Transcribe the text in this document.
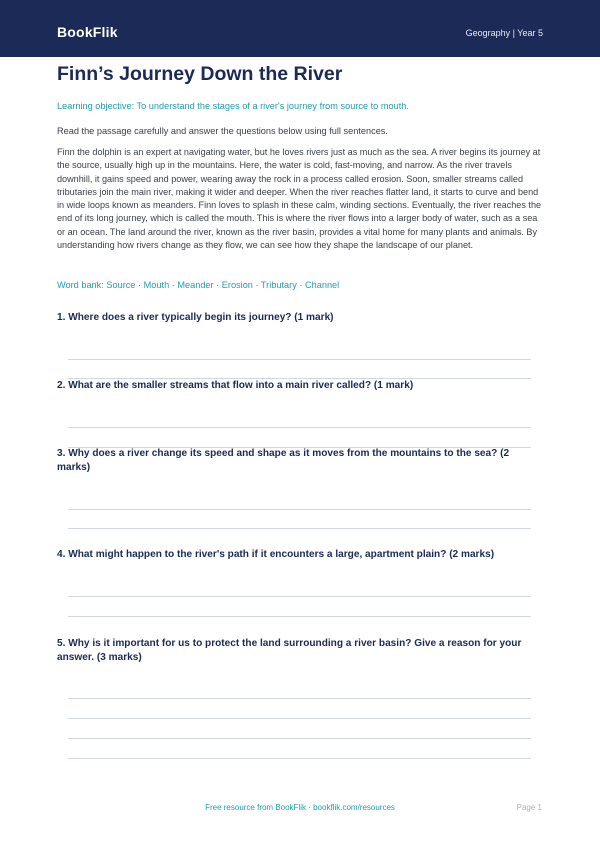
BookFlik	Geography | Year 5
Finn’s Journey Down the River
Learning objective: To understand the stages of a river's journey from source to mouth.
Read the passage carefully and answer the questions below using full sentences.

Finn the dolphin is an expert at navigating water, but he loves rivers just as much as the sea. A river begins its journey at the source, usually high up in the mountains. Here, the water is cold, fast-moving, and narrow. As the river travels downhill, it gains speed and power, wearing away the rock in a process called erosion. Soon, smaller streams called tributaries join the main river, making it wider and deeper. When the river reaches flatter land, it starts to curve and bend in wide loops known as meanders. Finn loves to splash in these calm, winding sections. Eventually, the river reaches the end of its long journey, which is called the mouth. This is where the river flows into a larger body of water, such as a sea or an ocean. The land around the river, known as the river basin, provides a vital home for many plants and animals. By understanding how rivers change as they flow, we can see how they shape the landscape of our planet.

Word bank: Source · Mouth · Meander · Erosion · Tributary · Channel

1. Where does a river typically begin its journey? (1 mark)

2. What are the smaller streams that flow into a main river called? (1 mark)

3. Why does a river change its speed and shape as it moves from the mountains to the sea? (2 marks)

4. What might happen to the river's path if it encounters a large, apartment plain? (2 marks)

5. Why is it important for us to protect the land surrounding a river basin? Give a reason for your answer. (3 marks)

Free resource from BookFlik · bookflik.com/resources	Page 1
